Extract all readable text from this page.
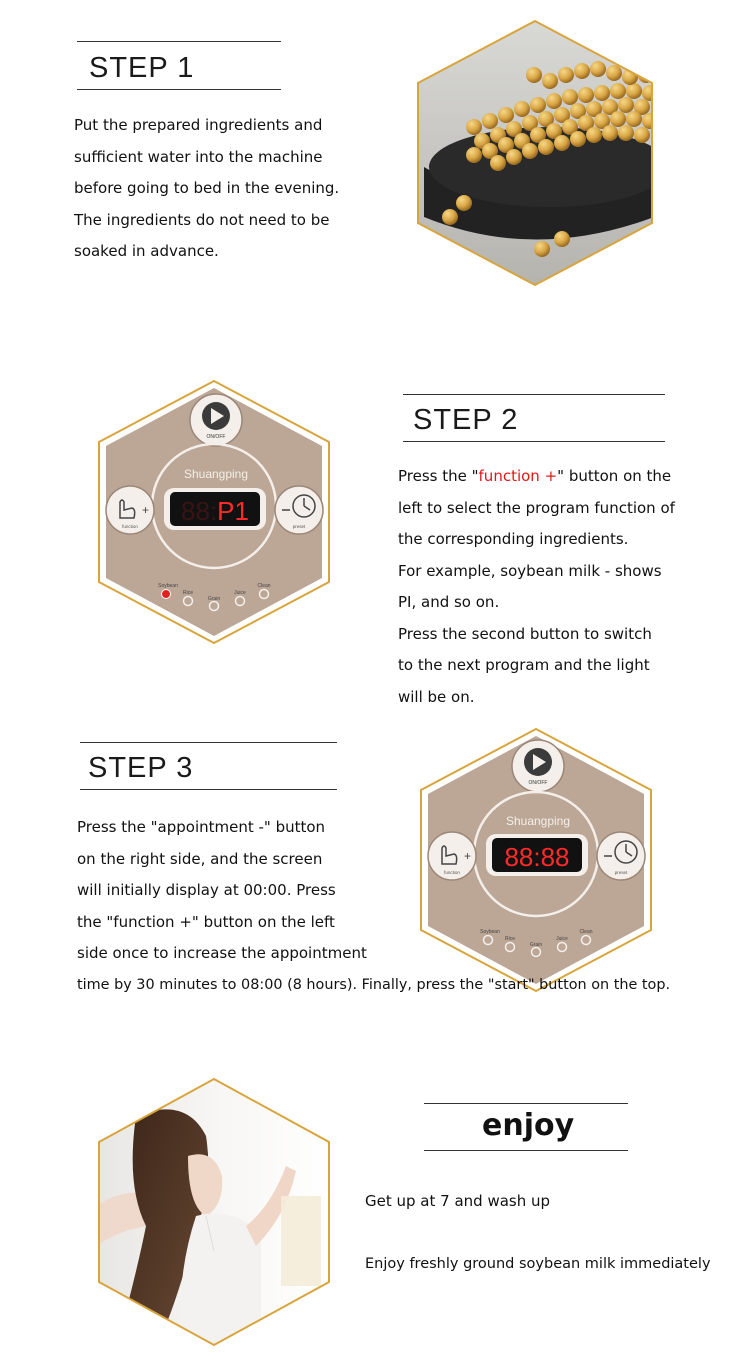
STEP 1
Put the prepared ingredients and
sufficient water into the machine
before going to bed in the evening.
The ingredients do not need to be
soaked in advance.
ON/OFF
Shuangping
88:P1
+
function	preset
Soybean
Rice
Grain
Juice
Clean
STEP 2
Press the "function +" button on the
left to select the program function of
the corresponding ingredients.
For example, soybean milk - shows
PI, and so on.
Press the second button to switch
to the next program and the light
will be on.
STEP 3	ON/OFF
Shuangping
88:88
+
function	preset
Soybean
Rice
Grain
Juice
Clean
Press the "appointment -" button
on the right side, and the screen
will initially display at 00:00. Press
the "function +" button on the left
side once to increase the appointment
time by 30 minutes to 08:00 (8 hours). Finally, press the "start" button on the top.
enjoy
Get up at 7 and wash up
Enjoy freshly ground soybean milk immediately
